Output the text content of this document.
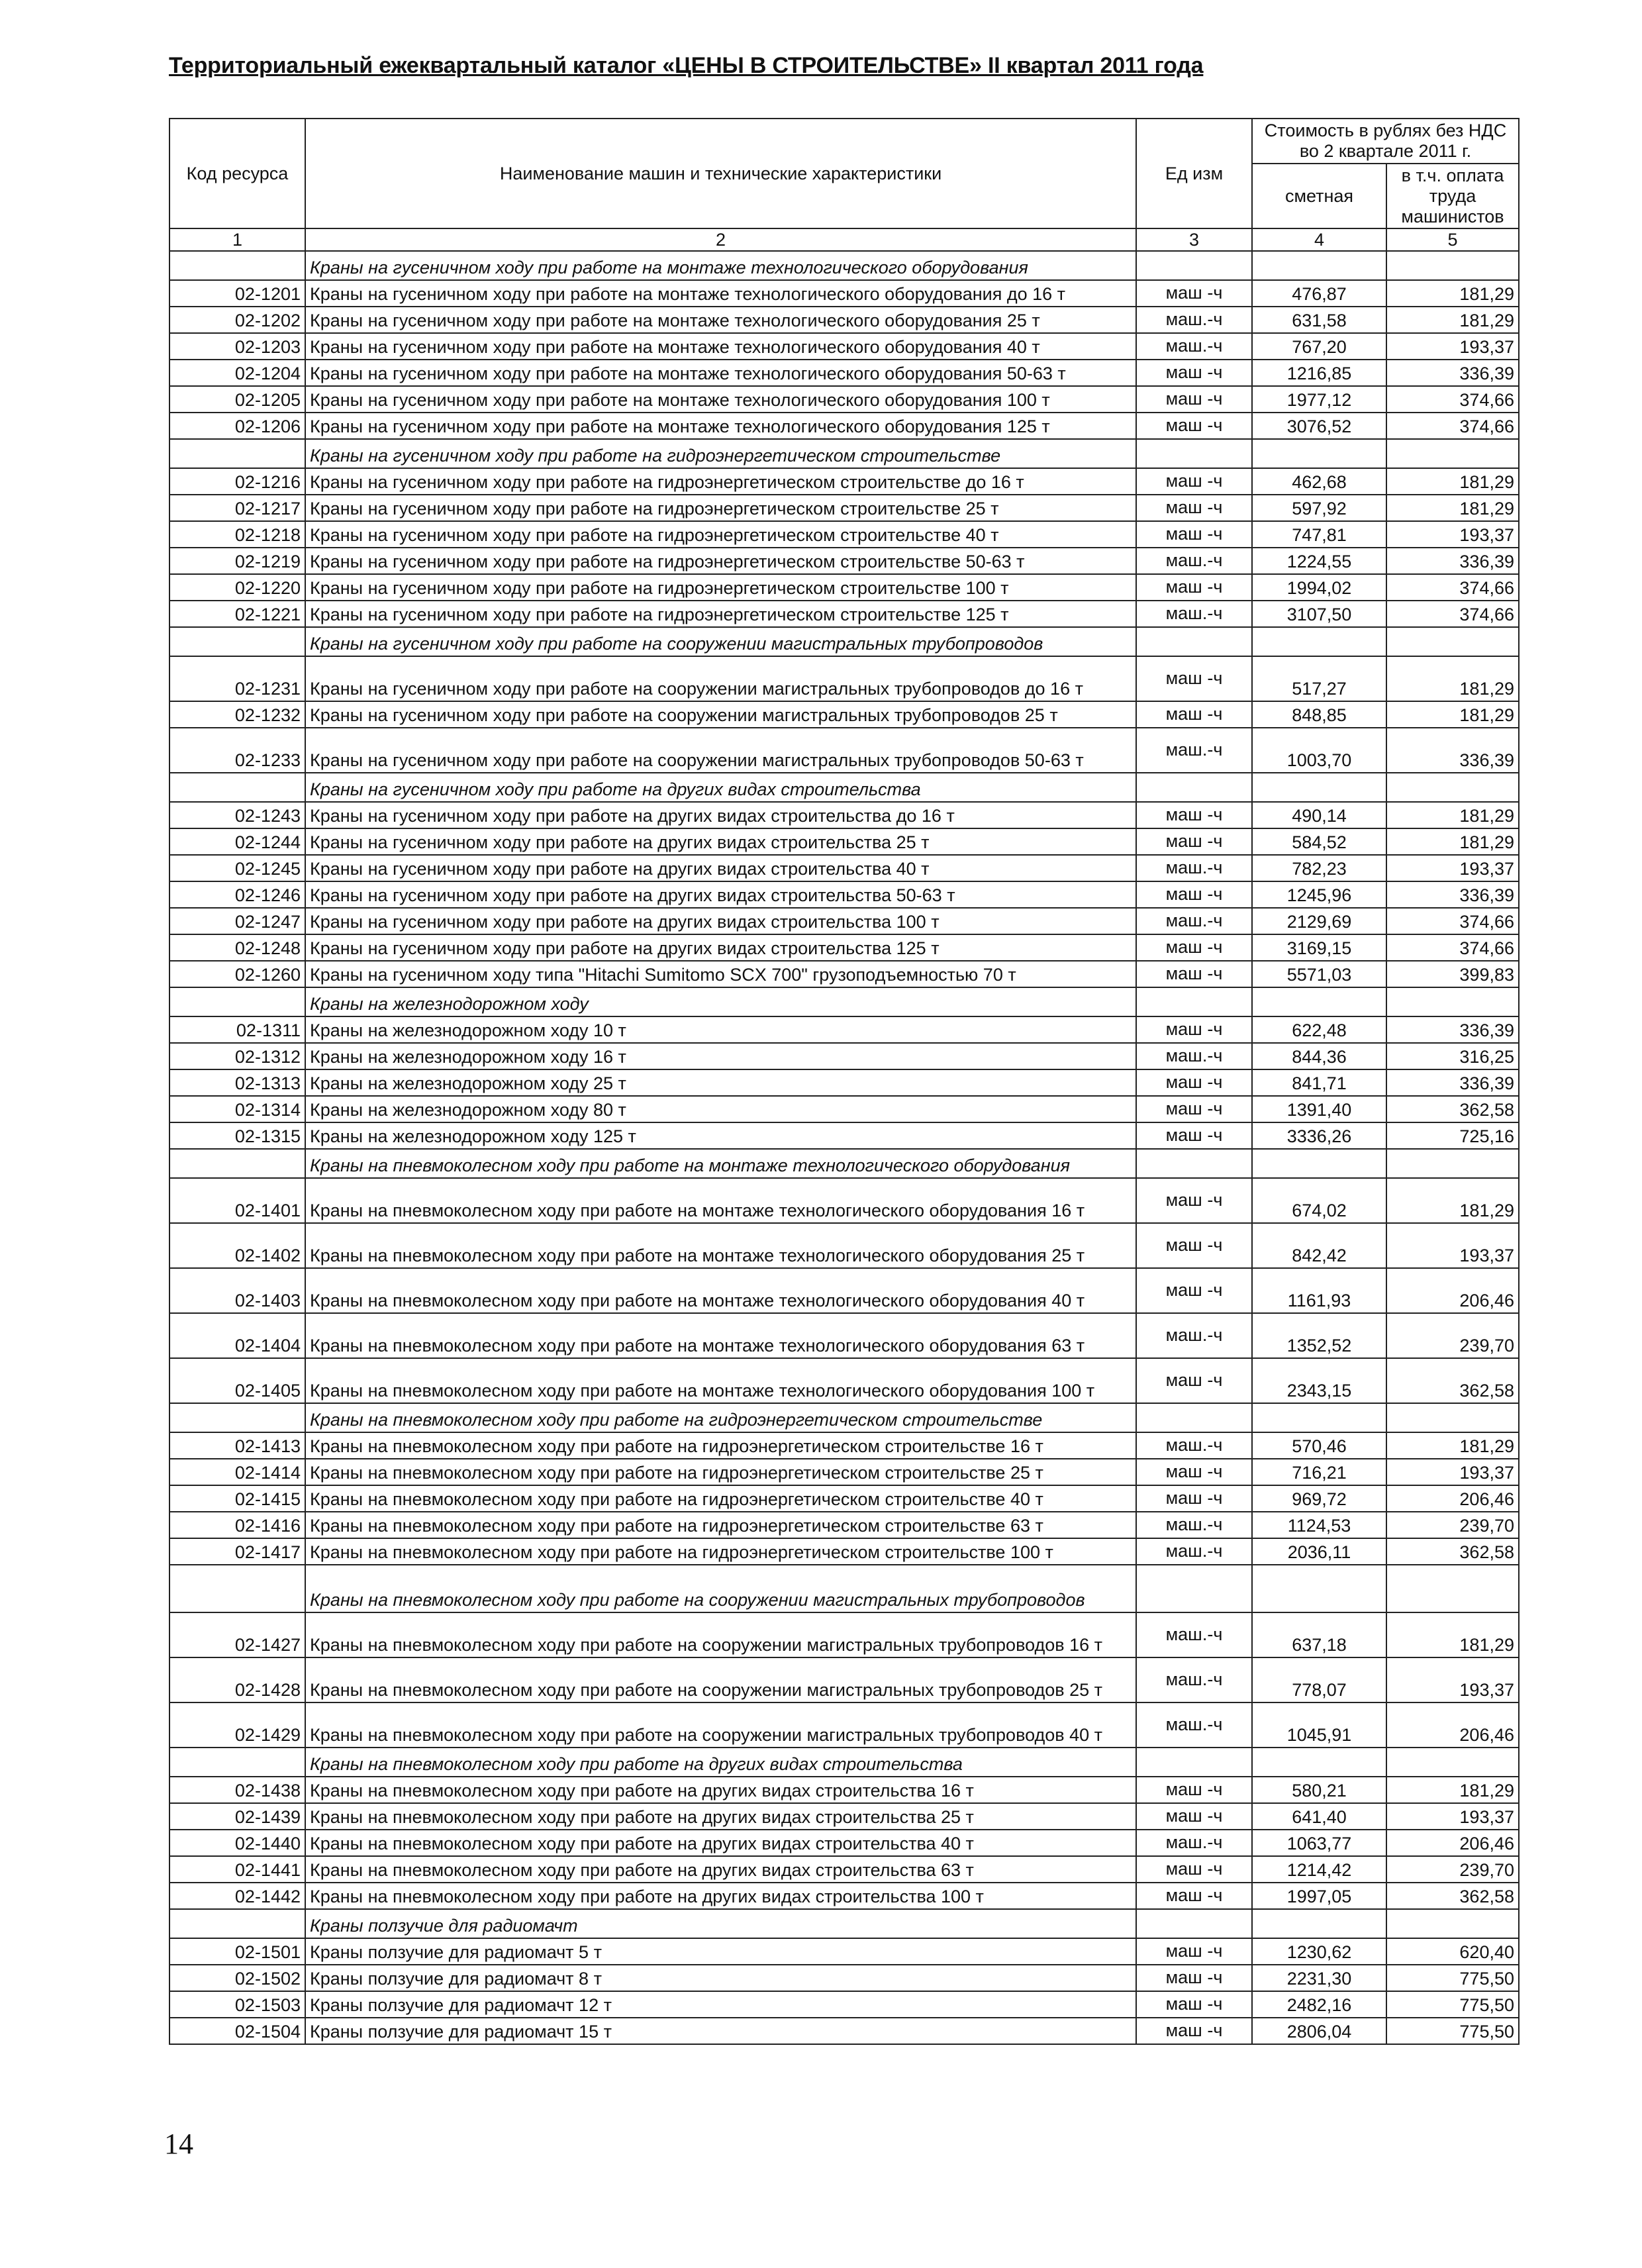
Территориальный ежеквартальный каталог «ЦЕНЫ В СТРОИТЕЛЬСТВЕ» II квартал 2011 года
Код ресурса	Наименование машин и технические характеристики	Ед изм	Стоимость в рублях без НДС во 2 квартале 2011 г.	
			сметная	в т.ч. оплата труда машинистов
1	2	3	4	5
	Краны на гусеничном ходу при работе на монтаже технологического оборудования			
02-1201	Краны на гусеничном ходу при работе на монтаже технологического оборудования до 16 т	маш -ч	476,87	181,29
02-1202	Краны на гусеничном ходу при работе на монтаже технологического оборудования 25 т	маш.-ч	631,58	181,29
02-1203	Краны на гусеничном ходу при работе на монтаже технологического оборудования 40 т	маш.-ч	767,20	193,37
02-1204	Краны на гусеничном ходу при работе на монтаже технологического оборудования 50-63 т	маш -ч	1216,85	336,39
02-1205	Краны на гусеничном ходу при работе на монтаже технологического оборудования 100 т	маш -ч	1977,12	374,66
02-1206	Краны на гусеничном ходу при работе на монтаже технологического оборудования 125 т	маш -ч	3076,52	374,66
	Краны на гусеничном ходу при работе на гидроэнергетическом строительстве			
02-1216	Краны на гусеничном ходу при работе на гидроэнергетическом строительстве до 16 т	маш -ч	462,68	181,29
02-1217	Краны на гусеничном ходу при работе на гидроэнергетическом строительстве 25 т	маш -ч	597,92	181,29
02-1218	Краны на гусеничном ходу при работе на гидроэнергетическом строительстве 40 т	маш -ч	747,81	193,37
02-1219	Краны на гусеничном ходу при работе на гидроэнергетическом строительстве 50-63 т	маш.-ч	1224,55	336,39
02-1220	Краны на гусеничном ходу при работе на гидроэнергетическом строительстве 100 т	маш -ч	1994,02	374,66
02-1221	Краны на гусеничном ходу при работе на гидроэнергетическом строительстве 125 т	маш.-ч	3107,50	374,66
	Краны на гусеничном ходу при работе на сооружении магистральных трубопроводов			
02-1231	Краны на гусеничном ходу при работе на сооружении магистральных трубопроводов до 16 т	маш -ч	517,27	181,29
02-1232	Краны на гусеничном ходу при работе на сооружении магистральных трубопроводов 25 т	маш -ч	848,85	181,29
02-1233	Краны на гусеничном ходу при работе на сооружении магистральных трубопроводов 50-63 т	маш.-ч	1003,70	336,39
	Краны на гусеничном ходу при работе на других видах строительства			
02-1243	Краны на гусеничном ходу при работе на других видах строительства до 16 т	маш -ч	490,14	181,29
02-1244	Краны на гусеничном ходу при работе на других видах строительства 25 т	маш -ч	584,52	181,29
02-1245	Краны на гусеничном ходу при работе на других видах строительства 40 т	маш.-ч	782,23	193,37
02-1246	Краны на гусеничном ходу при работе на других видах строительства 50-63 т	маш -ч	1245,96	336,39
02-1247	Краны на гусеничном ходу при работе на других видах строительства 100 т	маш.-ч	2129,69	374,66
02-1248	Краны на гусеничном ходу при работе на других видах строительства 125 т	маш -ч	3169,15	374,66
02-1260	Краны на гусеничном ходу типа "Hitachi Sumitomo SCX 700" грузоподъемностью 70 т	маш -ч	5571,03	399,83
	Краны на железнодорожном ходу			
02-1311	Краны на железнодорожном ходу 10 т	маш -ч	622,48	336,39
02-1312	Краны на железнодорожном ходу 16 т	маш.-ч	844,36	316,25
02-1313	Краны на железнодорожном ходу 25 т	маш -ч	841,71	336,39
02-1314	Краны на железнодорожном ходу 80 т	маш -ч	1391,40	362,58
02-1315	Краны на железнодорожном ходу 125 т	маш -ч	3336,26	725,16
	Краны на пневмоколесном ходу при работе на монтаже технологического оборудования			
02-1401	Краны на пневмоколесном ходу при работе на монтаже технологического оборудования 16 т	маш -ч	674,02	181,29
02-1402	Краны на пневмоколесном ходу при работе на монтаже технологического оборудования 25 т	маш -ч	842,42	193,37
02-1403	Краны на пневмоколесном ходу при работе на монтаже технологического оборудования 40 т	маш -ч	1161,93	206,46
02-1404	Краны на пневмоколесном ходу при работе на монтаже технологического оборудования 63 т	маш.-ч	1352,52	239,70
02-1405	Краны на пневмоколесном ходу при работе на монтаже технологического оборудования 100 т	маш -ч	2343,15	362,58
	Краны на пневмоколесном ходу при работе на гидроэнергетическом строительстве			
02-1413	Краны на пневмоколесном ходу при работе на гидроэнергетическом строительстве 16 т	маш.-ч	570,46	181,29
02-1414	Краны на пневмоколесном ходу при работе на гидроэнергетическом строительстве 25 т	маш -ч	716,21	193,37
02-1415	Краны на пневмоколесном ходу при работе на гидроэнергетическом строительстве 40 т	маш -ч	969,72	206,46
02-1416	Краны на пневмоколесном ходу при работе на гидроэнергетическом строительстве 63 т	маш.-ч	1124,53	239,70
02-1417	Краны на пневмоколесном ходу при работе на гидроэнергетическом строительстве 100 т	маш.-ч	2036,11	362,58
	Краны на пневмоколесном ходу при работе на сооружении магистральных трубопроводов			
02-1427	Краны на пневмоколесном ходу при работе на сооружении магистральных трубопроводов 16 т	маш.-ч	637,18	181,29
02-1428	Краны на пневмоколесном ходу при работе на сооружении магистральных трубопроводов 25 т	маш.-ч	778,07	193,37
02-1429	Краны на пневмоколесном ходу при работе на сооружении магистральных трубопроводов 40 т	маш.-ч	1045,91	206,46
	Краны на пневмоколесном ходу при работе на других видах строительства			
02-1438	Краны на пневмоколесном ходу при работе на других видах строительства 16 т	маш -ч	580,21	181,29
02-1439	Краны на пневмоколесном ходу при работе на других видах строительства 25 т	маш -ч	641,40	193,37
02-1440	Краны на пневмоколесном ходу при работе на других видах строительства 40 т	маш.-ч	1063,77	206,46
02-1441	Краны на пневмоколесном ходу при работе на других видах строительства 63 т	маш -ч	1214,42	239,70
02-1442	Краны на пневмоколесном ходу при работе на других видах строительства 100 т	маш -ч	1997,05	362,58
	Краны ползучие для радиомачт			
02-1501	Краны ползучие для радиомачт 5 т	маш -ч	1230,62	620,40
02-1502	Краны ползучие для радиомачт 8 т	маш -ч	2231,30	775,50
02-1503	Краны ползучие для радиомачт 12 т	маш -ч	2482,16	775,50
02-1504	Краны ползучие для радиомачт 15 т	маш -ч	2806,04	775,50
14
